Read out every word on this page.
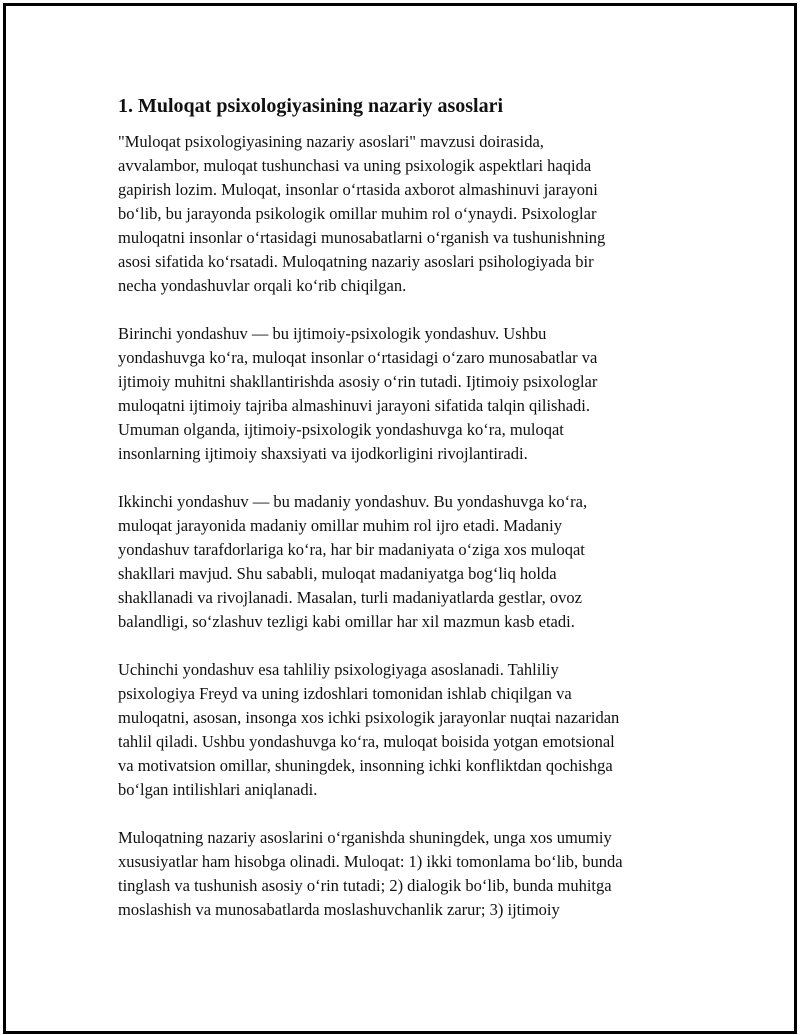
1. Muloqat psixologiyasining nazariy asoslari

"Muloqat psixologiyasining nazariy asoslari" mavzusi doirasida,
avvalambor, muloqat tushunchasi va uning psixologik aspektlari haqida
gapirish lozim. Muloqat, insonlar oʻrtasida axborot almashinuvi jarayoni
boʻlib, bu jarayonda psikologik omillar muhim rol oʻynaydi. Psixologlar
muloqatni insonlar oʻrtasidagi munosabatlarni oʻrganish va tushunishning
asosi sifatida koʻrsatadi. Muloqatning nazariy asoslari psihologiyada bir
necha yondashuvlar orqali koʻrib chiqilgan.

Birinchi yondashuv — bu ijtimoiy-psixologik yondashuv. Ushbu
yondashuvga koʻra, muloqat insonlar oʻrtasidagi oʻzaro munosabatlar va
ijtimoiy muhitni shakllantirishda asosiy oʻrin tutadi. Ijtimoiy psixologlar
muloqatni ijtimoiy tajriba almashinuvi jarayoni sifatida talqin qilishadi.
Umuman olganda, ijtimoiy-psixologik yondashuvga koʻra, muloqat
insonlarning ijtimoiy shaxsiyati va ijodkorligini rivojlantiradi.

Ikkinchi yondashuv — bu madaniy yondashuv. Bu yondashuvga koʻra,
muloqat jarayonida madaniy omillar muhim rol ijro etadi. Madaniy
yondashuv tarafdorlariga koʻra, har bir madaniyata oʻziga xos muloqat
shakllari mavjud. Shu sababli, muloqat madaniyatga bogʻliq holda
shakllanadi va rivojlanadi. Masalan, turli madaniyatlarda gestlar, ovoz
balandligi, soʻzlashuv tezligi kabi omillar har xil mazmun kasb etadi.

Uchinchi yondashuv esa tahliliy psixologiyaga asoslanadi. Tahliliy
psixologiya Freyd va uning izdoshlari tomonidan ishlab chiqilgan va
muloqatni, asosan, insonga xos ichki psixologik jarayonlar nuqtai nazaridan
tahlil qiladi. Ushbu yondashuvga koʻra, muloqat boisida yotgan emotsional
va motivatsion omillar, shuningdek, insonning ichki konfliktdan qochishga
boʻlgan intilishlari aniqlanadi.

Muloqatning nazariy asoslarini oʻrganishda shuningdek, unga xos umumiy
xususiyatlar ham hisobga olinadi. Muloqat: 1) ikki tomonlama boʻlib, bunda
tinglash va tushunish asosiy oʻrin tutadi; 2) dialogik boʻlib, bunda muhitga
moslashish va munosabatlarda moslashuvchanlik zarur; 3) ijtimoiy
